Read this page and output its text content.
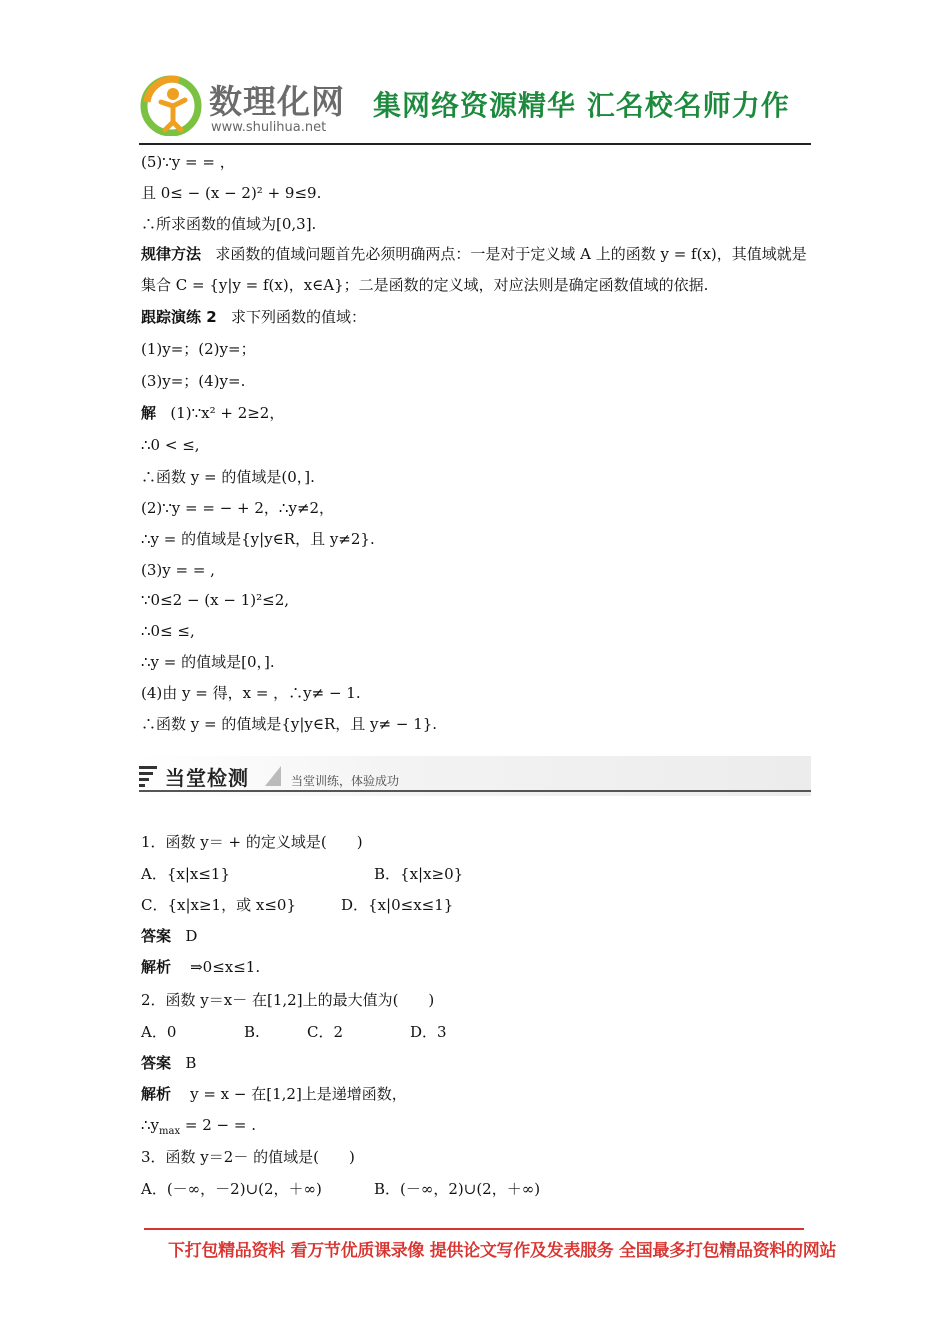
数理化网
www.shulihua.net
集网络资源精华 汇名校名师力作
(5)∵y = = ，
且 0≤ − (x − 2)² + 9≤9.
∴所求函数的值域为[0,3].
规律方法 求函数的值域问题首先必须明确两点：一是对于定义域 A 上的函数 y = f(x)，其值域就是集合 C = {y|y = f(x)，x∈A}；二是函数的定义域，对应法则是确定函数值域的依据.
跟踪演练 2 求下列函数的值域：
(1)y=；(2)y=；
(3)y=；(4)y=.
解 (1)∵x² + 2≥2，
∴0 < ≤,
∴函数 y = 的值域是(0，].
(2)∵y = = − + 2，∴y≠2，
∴y = 的值域是{y|y∈R，且 y≠2}.
(3)y = = ,
∵0≤2 − (x − 1)²≤2,
∴0≤ ≤,
∴y = 的值域是[0，].
(4)由 y = 得，x = ，∴y≠ − 1.
∴函数 y = 的值域是{y|y∈R，且 y≠ − 1}.
当堂检测	当堂训练，体验成功
1．函数 y＝ + 的定义域是(　　)
A．{x|x≤1}	B．{x|x≥0}
C．{x|x≥1，或 x≤0}	D．{x|0≤x≤1}
答案 D
解析 ⇒0≤x≤1.
2．函数 y＝x－ 在[1,2]上的最大值为(　　)
A．0	B.	C．2	D．3
答案 B
解析 y = x − 在[1,2]上是递增函数，
$\therefore y_{max} = 2$ − = .
3．函数 y＝2－ 的值域是(　　)
A．(－∞，－2)∪(2，＋∞)	B．(－∞，2)∪(2，＋∞)
下打包精品资料 看万节优质课录像 提供论文写作及发表服务 全国最多打包精品资料的网站
